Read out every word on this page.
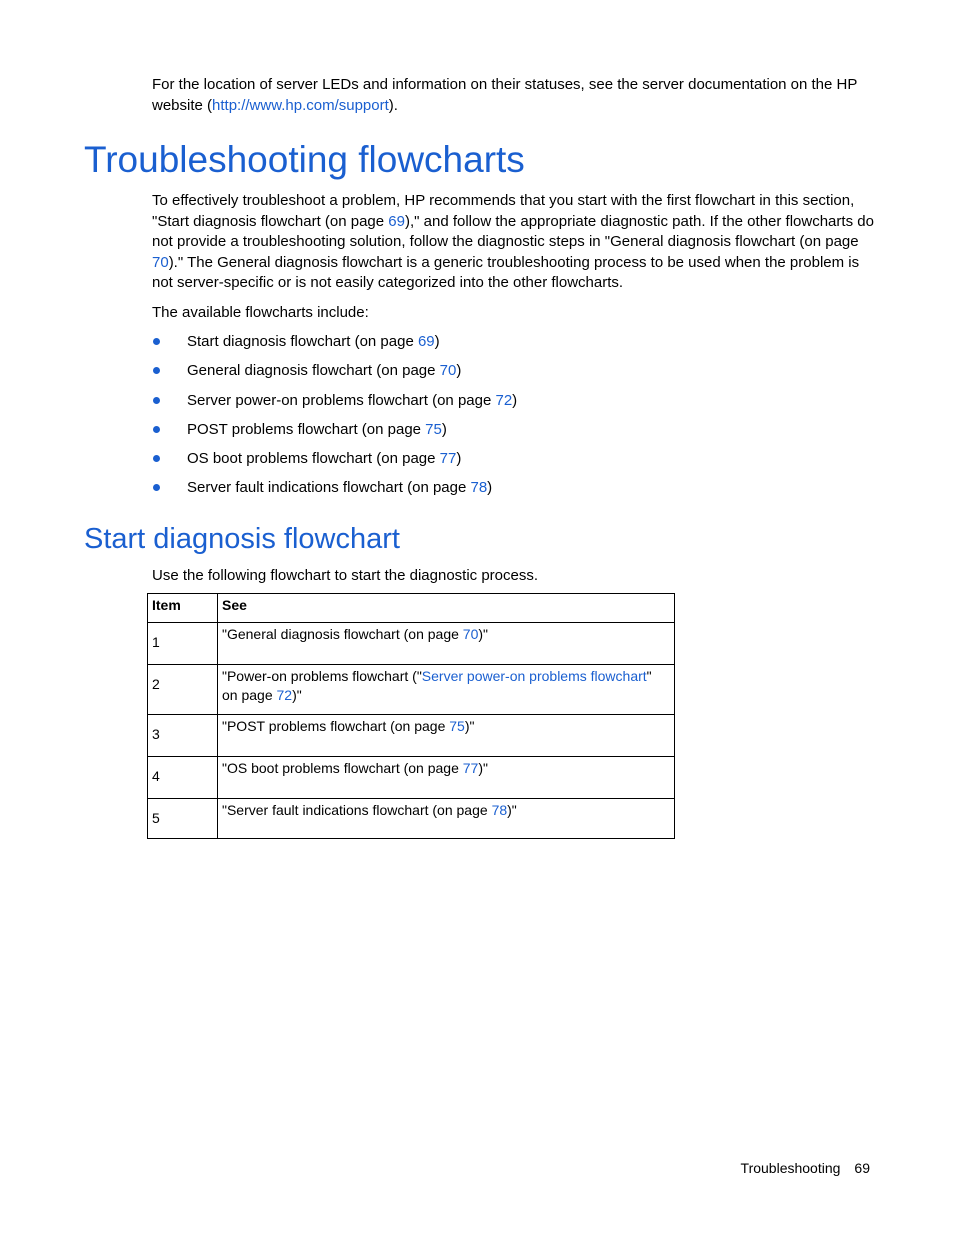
For the location of server LEDs and information on their statuses, see the server documentation on the HP website (http://www.hp.com/support).

Troubleshooting flowcharts

To effectively troubleshoot a problem, HP recommends that you start with the first flowchart in this section, "Start diagnosis flowchart (on page 69)," and follow the appropriate diagnostic path. If the other flowcharts do not provide a troubleshooting solution, follow the diagnostic steps in "General diagnosis flowchart (on page 70)." The General diagnosis flowchart is a generic troubleshooting process to be used when the problem is not server-specific or is not easily categorized into the other flowcharts.

The available flowcharts include:

Start diagnosis flowchart (on page 69)
General diagnosis flowchart (on page 70)
Server power-on problems flowchart (on page 72)
POST problems flowchart (on page 75)
OS boot problems flowchart (on page 77)
Server fault indications flowchart (on page 78)
Start diagnosis flowchart

Use the following flowchart to start the diagnostic process.

Item	See
1	"General diagnosis flowchart (on page 70)"
2	"Power-on problems flowchart ("Server power-on problems flowchart" on page 72)"
3	"POST problems flowchart (on page 75)"
4	"OS boot problems flowchart (on page 77)"
5	"Server fault indications flowchart (on page 78)"
Troubleshooting 69
